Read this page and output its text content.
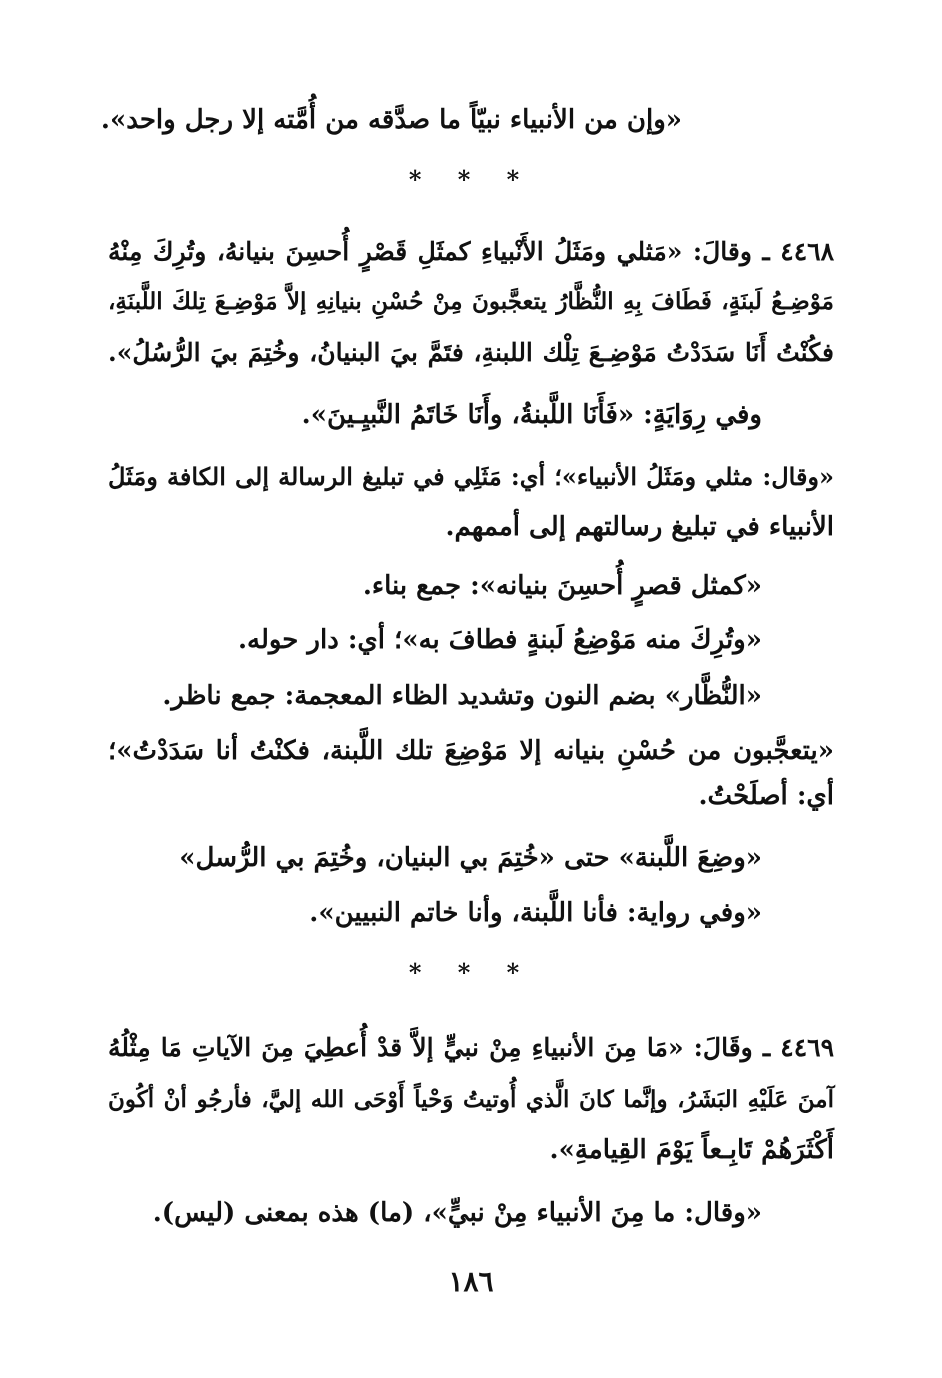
«وإن من الأنبياء نبيّاً ما صدَّقه من أُمَّته إلا رجل واحد».
* * *
٤٤٦٨ ـ وقالَ: «مَثلي ومَثَلُ الأَنْبياءِ كمثَلِ قَصْرٍ أُحسِنَ بنيانهُ، وتُرِكَ مِنْهُ
مَوْضِـعُ لَبنَةٍ، فَطَافَ بِهِ النُّظَّارُ يتعجَّبونَ مِنْ حُسْنِ بنيانِهِ إلاَّ مَوْضِـعَ تِلكَ اللَّبنَةِ،
فكُنْتُ أَنَا سَدَدْتُ مَوْضِـعَ تِلْك اللبنةِ، فتَمَّ بيَ البنيانُ، وخُتِمَ بيَ الرُّسُلُ».
وفي رِوَايَةٍ: «فَأَنَا اللَّبنةُ، وأَنَا خَاتَمُ النَّبيِـينَ».
«وقال: مثلي ومَثَلُ الأنبياء»؛ أي: مَثَلِي في تبليغ الرسالة إلى الكافة ومَثَلُ
الأنبياء في تبليغ رسالتهم إلى أممهم.
«كمثل قصرٍ أُحسِنَ بنيانه»: جمع بناء.
«وتُرِكَ منه مَوْضِعُ لَبنةٍ فطافَ به»؛ أي: دار حوله.
«النُّظَّار» بضم النون وتشديد الظاء المعجمة: جمع ناظر.
«يتعجَّبون من حُسْنِ بنيانه إلا مَوْضِعَ تلك اللَّبنة، فكنْتُ أنا سَدَدْتُ»؛
أي: أصلَحْتُ.
«وضِعَ اللَّبنة» حتى «خُتِمَ بي البنيان، وخُتِمَ بي الرُّسل»
«وفي رواية: فأنا اللَّبنة، وأنا خاتم النبيين».
* * *
٤٤٦٩ ـ وقَالَ: «مَا مِنَ الأنبياءِ مِنْ نبيٍّ إلاَّ قدْ أُعطِيَ مِنَ الآياتِ مَا مِثْلُهُ
آمنَ عَلَيْهِ البَشَرُ، وإنَّما كانَ الَّذي أُوتيتُ وَحْياً أَوْحَى الله إليَّ، فأرجُو أنْ أكُونَ
أَكْثَرَهُمْ تَابِـعاً يَوْمَ القِيامةِ».
«وقال: ما مِنَ الأنبياء مِنْ نبيٍّ»، (ما) هذه بمعنى (ليس).
١٨٦
